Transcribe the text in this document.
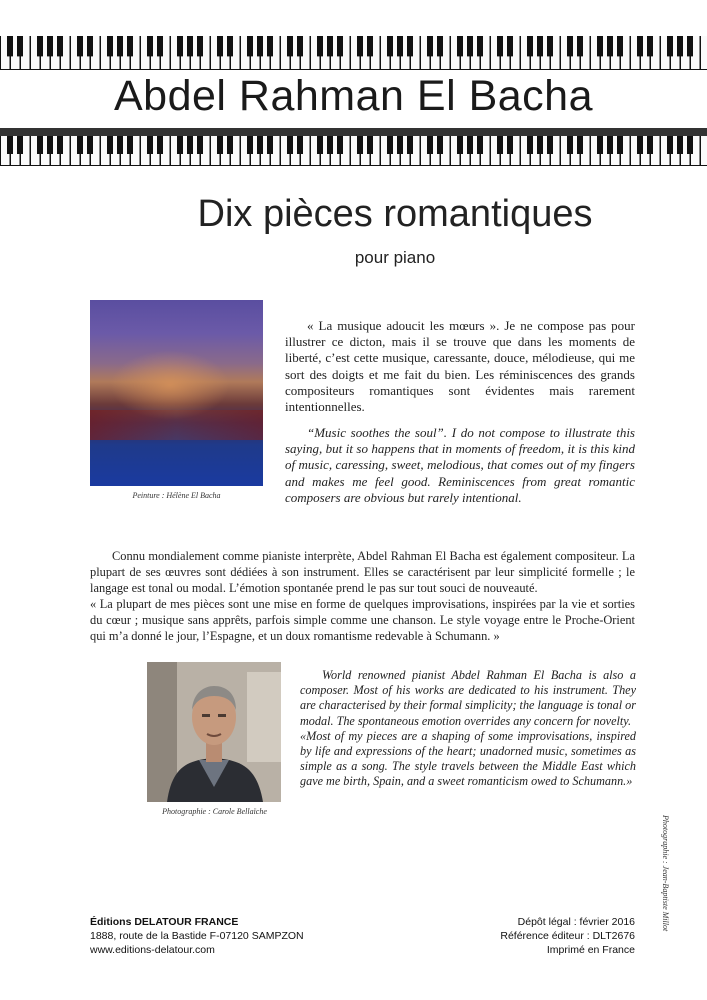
Abdel Rahman El Bacha
Dix pièces romantiques
pour piano
Peinture : Hélène El Bacha

« La musique adoucit les mœurs ». Je ne compose pas pour illustrer ce dicton, mais il se trouve que dans les moments de liberté, c’est cette musique, caressante, douce, mélodieuse, qui me sort des doigts et me fait du bien. Les réminiscences des grands compositeurs romantiques sont évidentes mais rarement intentionnelles.

“Music soothes the soul”. I do not compose to illustrate this saying, but it so happens that in moments of freedom, it is this kind of music, caressing, sweet, melodious, that comes out of my fingers and makes me feel good. Reminiscences from great romantic composers are obvious but rarely intentional.

Connu mondialement comme pianiste interprète, Abdel Rahman El Bacha est également compositeur. La plupart de ses œuvres sont dédiées à son instrument. Elles se caractérisent par leur simplicité formelle ; le langage est tonal ou modal. L’émotion spontanée prend le pas sur tout souci de nouveauté.

« La plupart de mes pièces sont une mise en forme de quelques improvisations, inspirées par la vie et sorties du cœur ; musique sans apprêts, parfois simple comme une chanson. Le style voyage entre le Proche-Orient qui m’a donné le jour, l’Espagne, et un doux romantisme redevable à Schumann. »

Photographie : Carole Bellaïche

World renowned pianist Abdel Rahman El Bacha is also a composer. Most of his works are dedicated to his instrument. They are characterised by their formal simplicity; the language is tonal or modal. The spontaneous emotion overrides any concern for novelty.

«Most of my pieces are a shaping of some improvisations, inspired by life and expressions of the heart; unadorned music, sometimes as simple as a song. The style travels between the Middle East which gave me birth, Spain, and a sweet romanticism owed to Schumann.»

Photographie : Jean-Baptiste Millot
Éditions DELATOUR FRANCE
1888, route de la Bastide F-07120 SAMPZON
www.editions-delatour.com
Dépôt légal : février 2016
Référence éditeur : DLT2676
Imprimé en France
